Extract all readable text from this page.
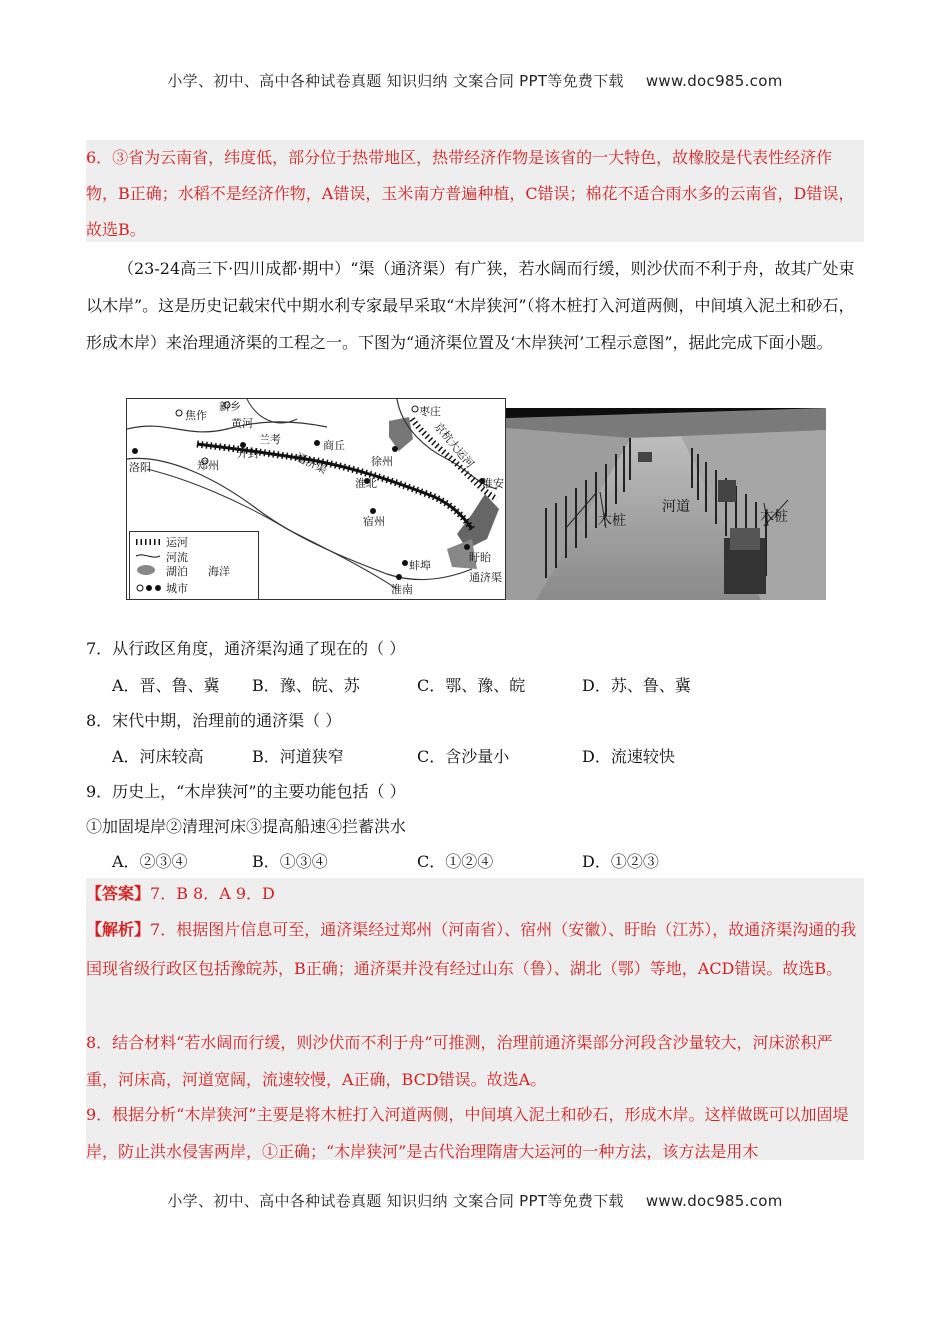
小学、初中、高中各种试卷真题 知识归纳 文案合同 PPT等免费下载 www.doc985.com
6．③省为云南省，纬度低，部分位于热带地区，热带经济作物是该省的一大特色，故橡胶是代表性经济作物，B正确；水稻不是经济作物，A错误，玉米南方普遍种植，C错误；棉花不适合雨水多的云南省，D错误，故选B。
（23-24高三下·四川成都·期中）“渠（通济渠）有广狭，若水阔而行缓，则沙伏而不利于舟，故其广处束以木岸”。这是历史记载宋代中期水利专家最早采取“木岸狭河”（将木桩打入河道两侧，中间填入泥土和砂石，形成木岸）来治理通济渠的工程之一。下图为“通济渠位置及‘木岸狭河’工程示意图”，据此完成下面小题。
焦作
新乡
黄河
兰考
枣庄
郑州
开封
商丘
徐州
洛阳	通济渠
淮北
京杭大运河
淮安
宿州
盱眙
蚌埠
淮南
通济渠
运河
河流
湖泊 海洋
城市
木桩
河道
木桩
7．从行政区角度，通济渠沟通了现在的（ ）
A．晋、鲁、冀 B．豫、皖、苏	C．鄂、豫、皖	D．苏、鲁、冀
8．宋代中期，治理前的通济渠（ ）
A．河床较高	B．河道狭窄	C．含沙量小	D．流速较快
9．历史上，“木岸狭河”的主要功能包括（ ）
①加固堤岸②清理河床③提高船速④拦蓄洪水
A．②③④	B．①③④	C．①②④	D．①②③
【答案】7．B 8．A 9．D
【解析】7．根据图片信息可至，通济渠经过郑州（河南省）、宿州（安徽）、盱眙（江苏），故通济渠沟通的我国现省级行政区包括豫皖苏，B正确；通济渠并没有经过山东（鲁）、湖北（鄂）等地，ACD错误。故选B。
8．结合材料“若水阔而行缓，则沙伏而不利于舟”可推测，治理前通济渠部分河段含沙量较大，河床淤积严重，河床高，河道宽阔，流速较慢，A正确，BCD错误。故选A。
9．根据分析“木岸狭河”主要是将木桩打入河道两侧，中间填入泥土和砂石，形成木岸。这样做既可以加固堤岸，防止洪水侵害两岸，①正确；“木岸狭河”是古代治理隋唐大运河的一种方法，该方法是用木
小学、初中、高中各种试卷真题 知识归纳 文案合同 PPT等免费下载 www.doc985.com
